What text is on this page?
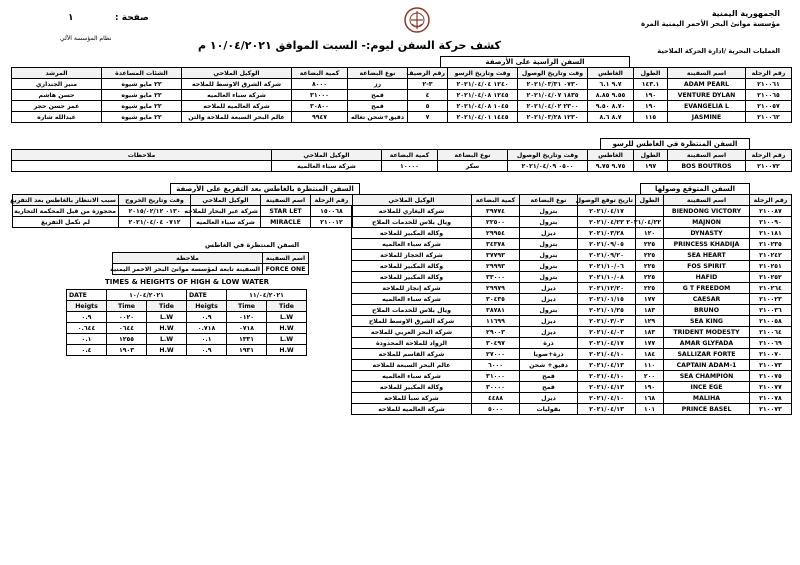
الجمهورية اليمنية
مؤسسة موانئ البحر الأحمر اليمنية المرة
العمليات البحرية /ادارة الحركة الملاحية
كشف حركة السفن ليوم:- السبت الموافق ١٠/٠٤/٢٠٢١ م
صفحة :
١
نظام المؤسسة الآلي
السفن الراسية على الأرصفة
رقم الرحلة	اسم السفينة	الطول	الغاطس	وقت وتاريخ الوصول	وقت وتاريخ الرسو	رقم الرصيف	نوع البضاعة	كمية البضاعة	الوكيل الملاحي	الشئات المساعدة	المرشد
٢١٠٠٦١	ADAM PEARL	١٤٣.١	٩.٧ ٦.١	٠٧٣٠ ٢٠٢١/٠٣/٣١	١٢٤٠ ٢٠٢١/٠٤/٠٤	٣-٢	رز	٨٠٠٠	شركة الشرق الاوسط للملاحه	٢٢ مايو شيوه	منير الجنداري
٢١٠٠٦٥	VENTURE DYLAN	١٩٠	٩.٥٥ ٨.٨٥	١٨٣٥ ٢٠٢١/٠٤/٠٧	١٢٤٥ ٢٠٢١/٠٤/٠٨	٤	قمح	٣١٠٠٠	شركة سباء العالميه	٢٢ مايو شيوه	حسن هاشم
٢١٠٠٥٧	EVANGELIA L	١٩٠	٨.٧٠ ٩.٥٠	٢٣٠٠ ٢٠٢١/٠٤/٠٢	١٠٤٥ ٢٠٢١/٠٤/٠٨	٥	قمح	٣٠٨٠٠	شركة العالميه للملاحه	٢٢ مايو شيوه	عمر حسن حجر
٢١٠٠٦٢	JASMINE	١١٥	٨.٧ ٨.٦	١٢٣٠ ٢٠٢١/٠٣/٢٨	١٤٤٥ ٢٠٢١/٠٤/٠١	٧	دقيق+شحن تغاله	٩٩٤٧	عالم البحر السبعة للملاحة والتن	٢٢ مايو شيوه	عبدالله شاره
السفن المنتظرة في الغاطس للرسو
رقم الرحلة	اسم السفينة	الطول	الغاطس	وقت وتاريخ الوصول	نوع البضاعة	كمية البضاعة	الوكيل الملاحي	ملاحظات
٢١٠٠٧٢	BOS BOUTROS	١٩٧	٩.٧٥ ٩.٧٥	٠٥٠٠ ٢٠٢١/٠٤/٠٩	سكر	١٠٠٠٠	شركة سباء العالميه	
السفن المتوقع وصولها
رقم الرحلة	اسم السفينة	الطول	تاريخ توقع الوصول	نوع البضاعة	كمية البضاعة	الوكيل الملاحي
٢١٠٠٨٧	BIENDONG VICTORY		٢٠٢١/٠٤/١٧	بترول	٣٩٧٧٤	شركة اليغاري للملاحه
٢١٠٠٩٠	MAJNON	٢٠٢١/٠٤/٢٢	٢٠٢١/٠٤/٢٢	بترول	٢٢٥٠٠	ويال بلاس للخدمات الملاح
٢١٠١٨١	DYNASTY	١٢٠	٢٠٢١/٠٣/٢٨	ديزل	٢٩٩٥٤	وكالة المكبير للملاحه
٢١٠٢٣٥	PRINCESS KHADIJA	٢٢٥	٢٠٢١/٠٩/٠٥	بترول	٣٤٣٧٨	شركة سباء العالميه
٢١٠٢٤٢	SEA HEART	٢٢٥	٢٠٢١/٠٩/٢٠	بترول	٣٧٧٩٣	شركة الحجاز للملاحة
٢١٠٢٥١	FOS SPIRIT	٢٢٥	٢٠٢١/١٠/٠٦	بترول	٢٩٩٩٣	وكالة المكبير للملاحه
٢١٠٢٥٢	HAFID	٢٢٥	٢٠٢١/١٠/٠٨	بترول	٣٣٠٠٠	وكالة المكبير للملاحه
٢١٠٢٦٤	G T FREEDOM	٢٢٥	٢٠٢١/١٢/٢٠	ديزل	٢٩٩٧٩	شركة إنجاز للملاحة
٢١٠٠٢٣	CAESAR	١٧٧	٢٠٢١/٠١/١٥	ديزل	٣٠٤٣٥	شركة سباء العالميه
٢١٠٠٣٦	BRUNO	١٨٣	٢٠٢١/٠١/٢٥	بترول	٣٨٧٨١	ويال بلاس للخدمات الملاح
٢١٠٠٥٨	SEA KING	١٢٩	٢٠٢١/٠٣/٠٣	ديزل	١١٦٩٩	شركة الشرق الاوسط للملاح
٢١٠٠٦٤	TRIDENT MODESTY	١٨٣	٢٠٢١/٠٤/٠٣	ديزل	٢٩٠٠٣	شركة البحر العربي للملاحه
٢١٠٠٦٩	AMAR GLYFADA	١٧٧	٢٠٢١/٠٤/١٧	ذرة	٣٠٤٩٧	الرواد للملاحة المحدودة
٢١٠٠٧٠	SALLIZAR FORTE	١٨٤	٢٠٢١/٠٤/١٠	ذرة+صويا	٢٧٠٠٠	شركة القاسم للملاحه
٢١٠٠٧٣	CAPTAIN ADAM-1	١١٠	٢٠٢١/٠٤/١٣	دقيق+ شحن	٦٠٠٠	عالم البحر السبعة للملاحه
٢١٠٠٧٥	SEA CHAMPION	٢٠٠	٢٠٢١/٠٤/١٠	قمح	٣١٠٠٠	شركة سباء العالميه
٢١٠٠٧٧	INCE EGE	١٩٠	٢٠٢١/٠٤/١٣	قمح	٣٠٠٠٠	وكالة المكبير للملاحه
٢١٠٠٧٨	MALIHA	١٦٨	٢٠٢١/٠٤/١٠	ديزل	٤٤٨٨	شركة سبأ للملاحه
٢١٠٠٧٣	PRINCE BASEL	١٠١	٢٠٢١/٠٤/١٣	بقوليات	٥٠٠٠	شركة العالميه للملاحه
السفن المنتظرة بالغاطس بعد التفريغ على الأرصفة
رقم الرحلة	اسم السفينة	الوكيل الملاحي	وقت وتاريخ الخروج	سبب الانتظار بالغاطس بعد التفريغ
١٥٠٠٦٨	STAR LET	شركة عبر البحار للملاحه	٠١٣٠ ٢٠١٥/٠٢/١٢	محجوزة من قبل المحكمة التجارية
٢١٠٠١٢	MIRACLE	شركة سباء العالميه	٠٧١٢ ٢٠٢١/٠٤/٠٤	لم تكمل التفريغ
السفن المنتظرة في الغاطس
اسم السفينة	ملاحظة
FORCE ONE	السفينة تابعة لمؤسسة موانئ البحر الاحمر اليمنية
TIMES & HEIGHTS OF HIGH & LOW WATER
DATE	١٠/٠٤/٢٠٢١		DATE	١١/٠٤/٢٠٢١	
Heigts	Time	Tide	Heigts	Time	Tide
٠.٩	٠٠٢٠	L.W	٠.٩	٠١٢٠	L.W
٠.٦٤٤	٠٦٤٤	H.W	٠.٧١٨	٠٧١٨	H.W
٠.١	١٢٥٥	L.W	٠.١	١٣٣١	L.W
٠.٤	١٩٠٣	H.W	٠.٩	١٩٣١	H.W
